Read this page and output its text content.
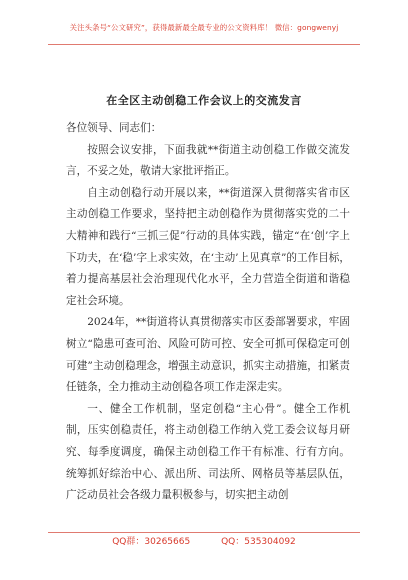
关注头条号“公文研究”，获得最新最全最专业的公文资料库！ 微信：gongwenyj
在全区主动创稳工作会议上的交流发言

各位领导、同志们：

按照会议安排，下面我就**街道主动创稳工作做交流发言，不妥之处，敬请大家批评指正。

自主动创稳行动开展以来，**街道深入贯彻落实省市区主动创稳工作要求，坚持把主动创稳作为贯彻落实党的二十大精神和践行“三抓三促”行动的具体实践，锚定“在‘创’字上下功夫，在‘稳’字上求实效，在‘主动’上见真章”的工作目标，着力提高基层社会治理现代化水平，全力营造全街道和谐稳定社会环境。

2024年，**街道将认真贯彻落实市区委部署要求，牢固树立“隐患可查可治、风险可防可控、安全可抓可保稳定可创可建”主动创稳理念，增强主动意识，抓实主动措施，扣紧责任链条，全力推动主动创稳各项工作走深走实。

一、健全工作机制，坚定创稳“主心骨”。健全工作机制，压实创稳责任，将主动创稳工作纳入党工委会议每月研究、每季度调度，确保主动创稳工作干有标准、行有方向。统筹抓好综治中心、派出所、司法所、网格员等基层队伍，广泛动员社会各级力量积极参与，切实把主动创

QQ群：30265665	QQ：535304092
